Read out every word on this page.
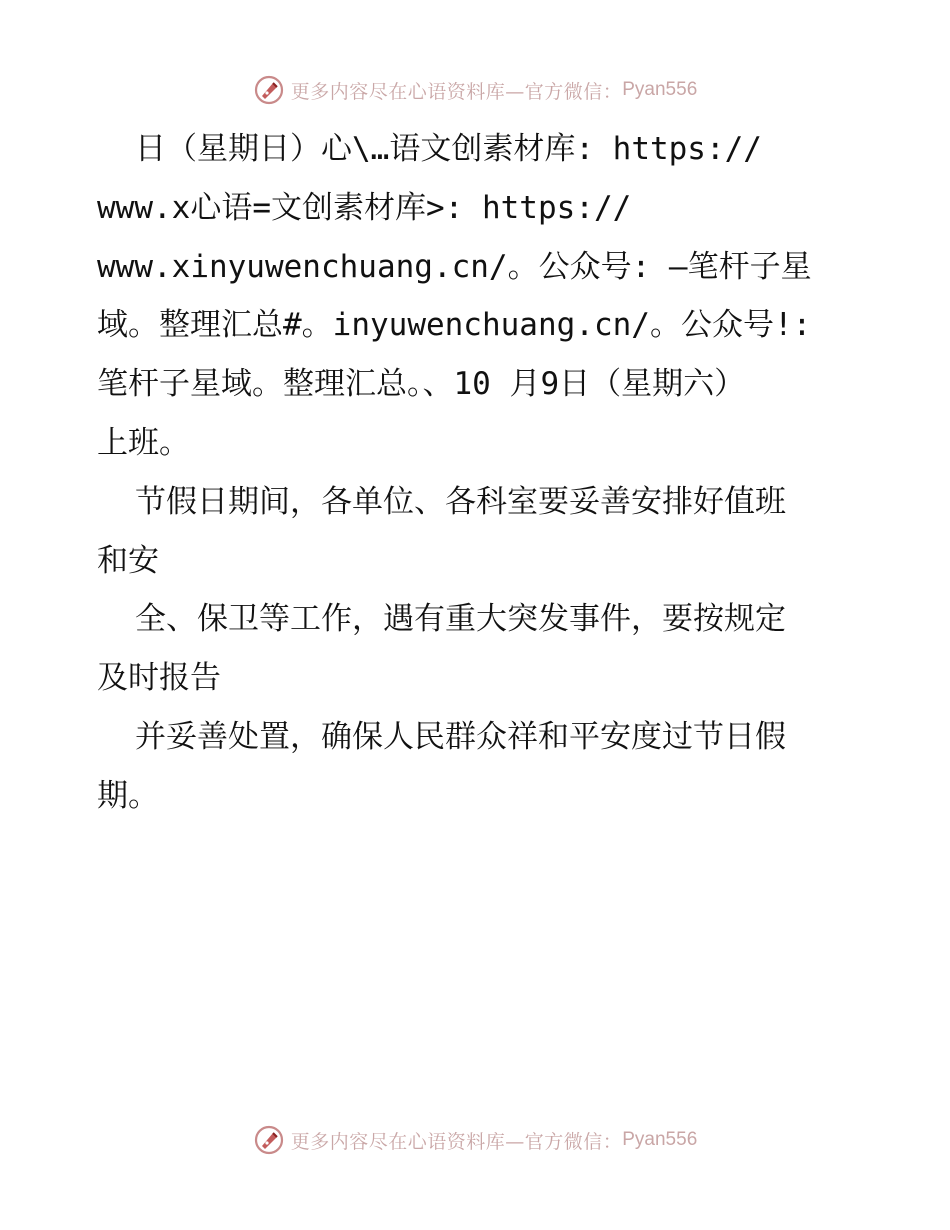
更多内容尽在心语资料库—官方微信： Pyan556
日（星期日）心\…语文创素材库: https://
www.x心语=文创素材库>: https://
www.xinyuwenchuang.cn/。公众号: —笔杆子星
域。整理汇总#。inyuwenchuang.cn/。公众号!:
笔杆子星域。整理汇总。、10 月9日（星期六）
上班。
节假日期间，各单位、各科室要妥善安排好值班
和安
全、保卫等工作，遇有重大突发事件，要按规定
及时报告
并妥善处置，确保人民群众祥和平安度过节日假
期。
更多内容尽在心语资料库—官方微信： Pyan556
